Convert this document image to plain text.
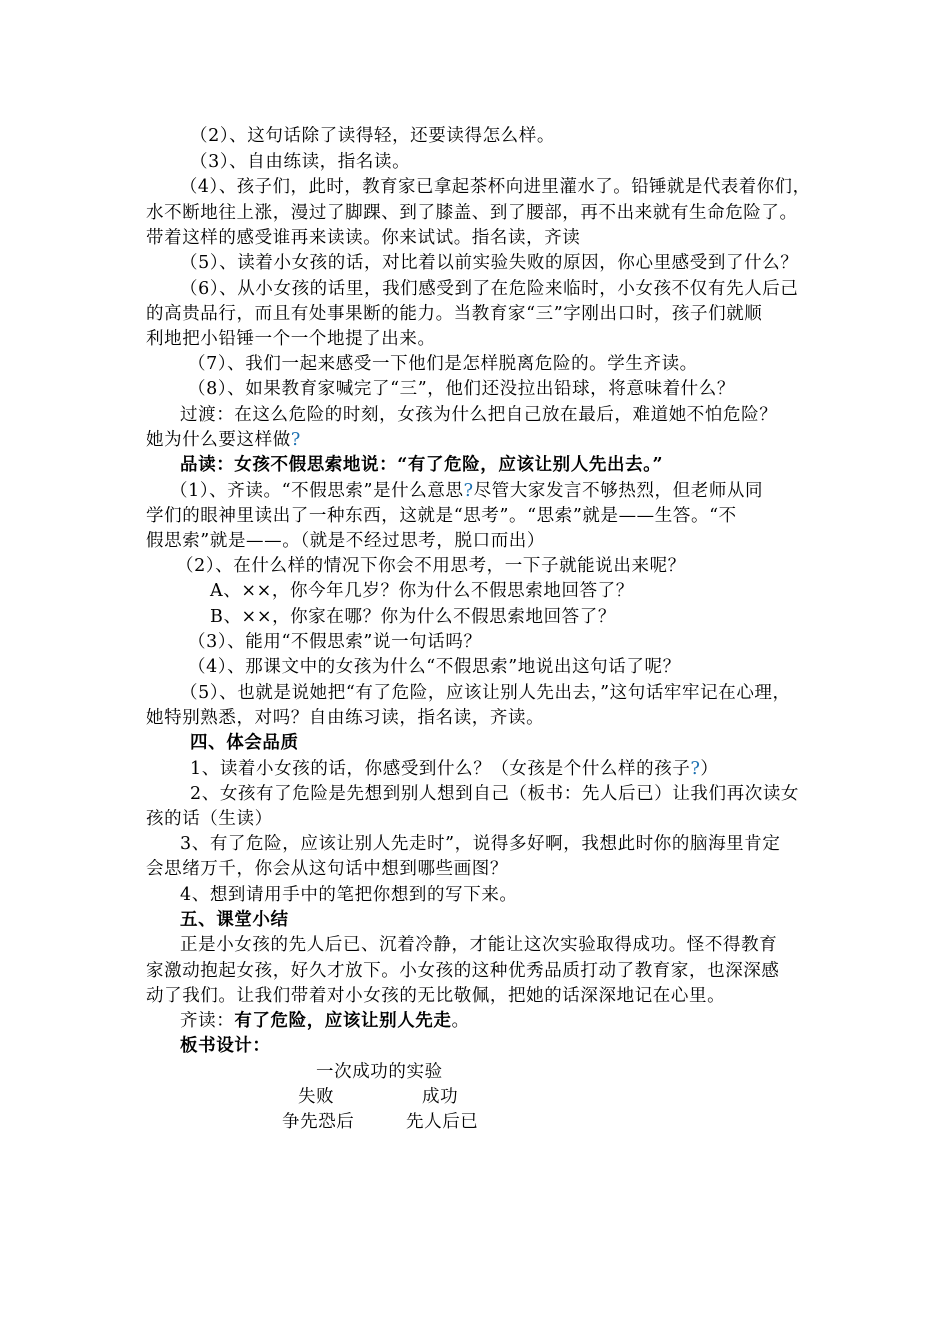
（2）、这句话除了读得轻，还要读得怎么样。
（3）、自由练读，指名读。
（4）、孩子们，此时，教育家已拿起茶杯向进里灌水了。铅锤就是代表着你们，
水不断地往上涨，漫过了脚踝、到了膝盖、到了腰部，再不出来就有生命危险了。
带着这样的感受谁再来读读。你来试试。指名读，齐读
（5）、读着小女孩的话，对比着以前实验失败的原因，你心里感受到了什么？
（6）、从小女孩的话里，我们感受到了在危险来临时，小女孩不仅有先人后己
的高贵品行，而且有处事果断的能力。当教育家“三”字刚出口时，孩子们就顺
利地把小铅锤一个一个地提了出来。
（7）、我们一起来感受一下他们是怎样脱离危险的。学生齐读。
（8）、如果教育家喊完了“三”，他们还没拉出铅球，将意味着什么？
过渡：在这么危险的时刻，女孩为什么把自己放在最后，难道她不怕危险？
她为什么要这样做?
品读：女孩不假思索地说：“有了危险，应该让别人先出去。”
（1）、齐读。“不假思索”是什么意思?尽管大家发言不够热烈，但老师从同
学们的眼神里读出了一种东西，这就是“思考”。“思索”就是——生答。“不
假思索”就是——。（就是不经过思考，脱口而出）
（2）、在什么样的情况下你会不用思考，一下子就能说出来呢？
A、××，你今年几岁？你为什么不假思索地回答了？
B、××，你家在哪？你为什么不假思索地回答了？
（3）、能用“不假思索”说一句话吗？
（4）、那课文中的女孩为什么“不假思索”地说出这句话了呢？
（5）、也就是说她把“有了危险，应该让别人先出去，”这句话牢牢记在心理，
她特别熟悉，对吗？自由练习读，指名读，齐读。
四、体会品质
1、读着小女孩的话，你感受到什么？（女孩是个什么样的孩子?）
2、女孩有了危险是先想到别人想到自己（板书：先人后已）让我们再次读女
孩的话（生读）
3、有了危险，应该让别人先走时”，说得多好啊，我想此时你的脑海里肯定
会思绪万千，你会从这句话中想到哪些画图？
4、想到请用手中的笔把你想到的写下来。
五、课堂小结
正是小女孩的先人后已、沉着冷静，才能让这次实验取得成功。怪不得教育
家激动抱起女孩，好久才放下。小女孩的这种优秀品质打动了教育家，也深深感
动了我们。让我们带着对小女孩的无比敬佩，把她的话深深地记在心里。
齐读：有了危险，应该让别人先走。
板书设计：
一次成功的实验
失败	成功
争先恐后	先人后已
